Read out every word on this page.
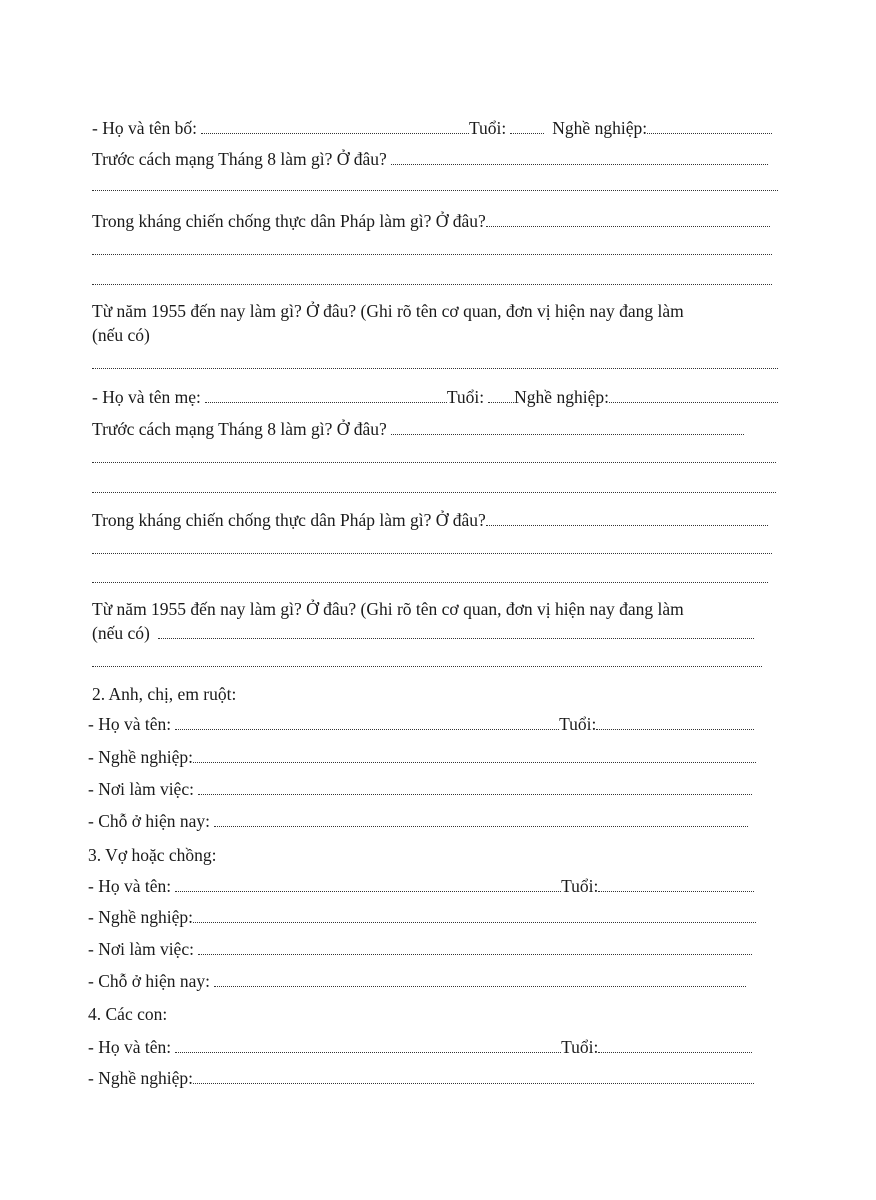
- Họ và tên bố:	Tuổi:	Nghề nghiệp:
Trước cách mạng Tháng 8 làm gì? Ở đâu?
Trong kháng chiến chống thực dân Pháp làm gì? Ở đâu?
Từ năm 1955 đến nay làm gì? Ở đâu? (Ghi rõ tên cơ quan, đơn vị hiện nay đang làm
(nếu có)
- Họ và tên mẹ:	Tuổi: Nghề nghiệp:
Trước cách mạng Tháng 8 làm gì? Ở đâu?
Trong kháng chiến chống thực dân Pháp làm gì? Ở đâu?
Từ năm 1955 đến nay làm gì? Ở đâu? (Ghi rõ tên cơ quan, đơn vị hiện nay đang làm
(nếu có)
2. Anh, chị, em ruột:
- Họ và tên:	Tuổi:
- Nghề nghiệp:
- Nơi làm việc:
- Chỗ ở hiện nay:
3. Vợ hoặc chồng:
- Họ và tên:	Tuổi:
- Nghề nghiệp:
- Nơi làm việc:
- Chỗ ở hiện nay:
4. Các con:
- Họ và tên:	Tuổi:
- Nghề nghiệp:
